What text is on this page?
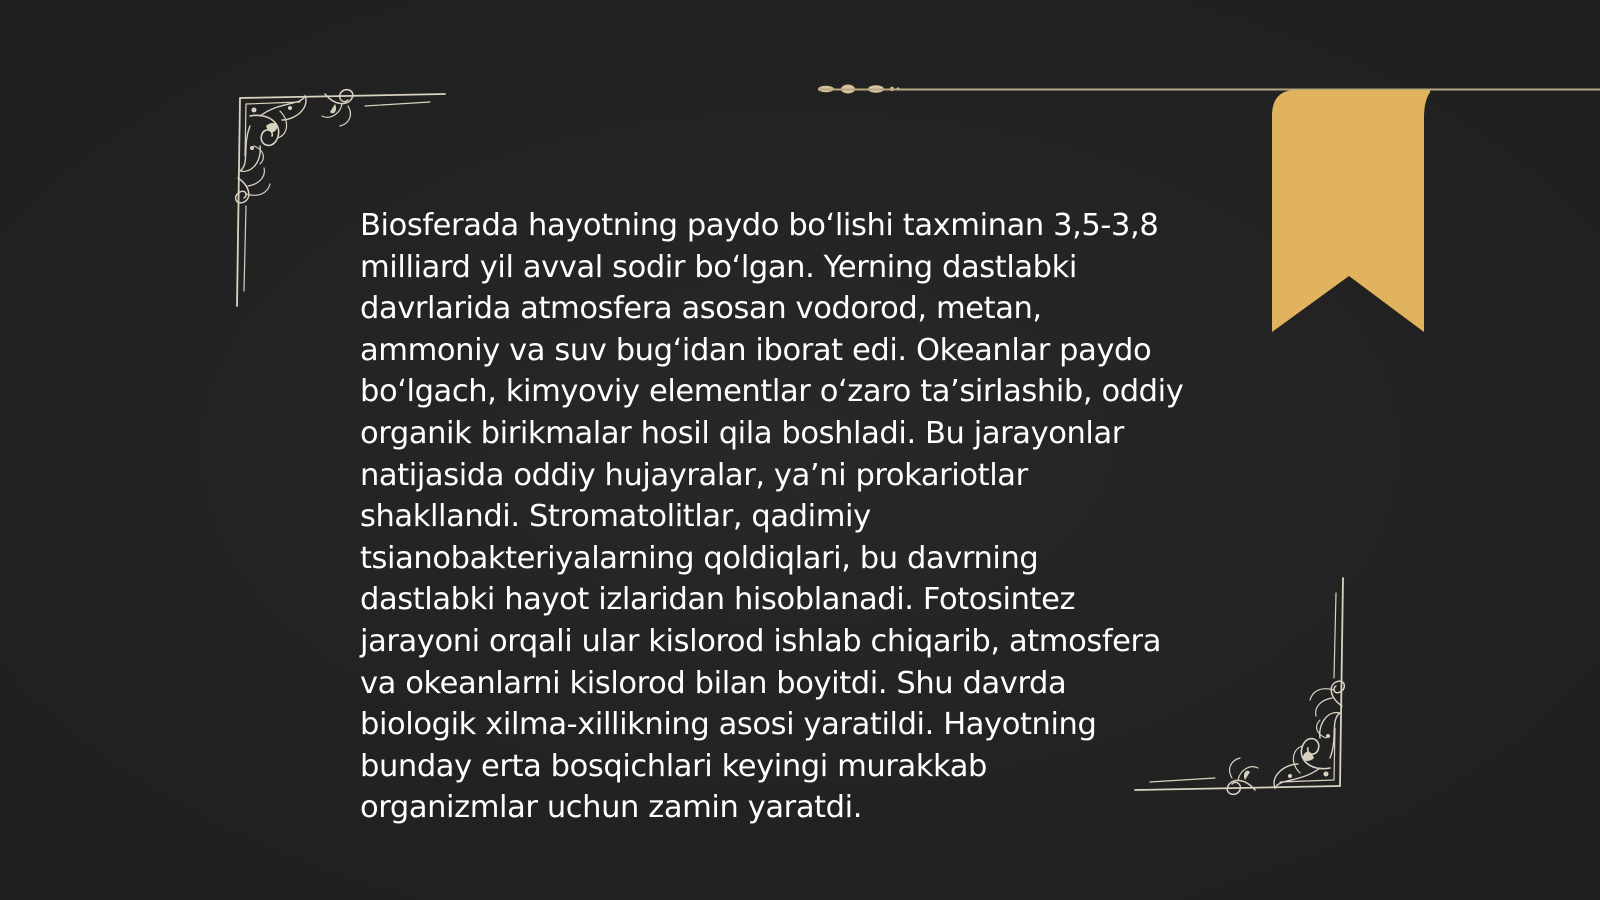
Biosferada hayotning paydo bo‘lishi taxminan 3,5-3,8
milliard yil avval sodir bo‘lgan. Yerning dastlabki
davrlarida atmosfera asosan vodorod, metan,
ammoniy va suv bug‘idan iborat edi. Okeanlar paydo
bo‘lgach, kimyoviy elementlar o‘zaro ta’sirlashib, oddiy
organik birikmalar hosil qila boshladi. Bu jarayonlar
natijasida oddiy hujayralar, ya’ni prokariotlar
shakllandi. Stromatolitlar, qadimiy
tsianobakteriyalarning qoldiqlari, bu davrning
dastlabki hayot izlaridan hisoblanadi. Fotosintez
jarayoni orqali ular kislorod ishlab chiqarib, atmosfera
va okeanlarni kislorod bilan boyitdi. Shu davrda
biologik xilma-xillikning asosi yaratildi. Hayotning
bunday erta bosqichlari keyingi murakkab
organizmlar uchun zamin yaratdi.
